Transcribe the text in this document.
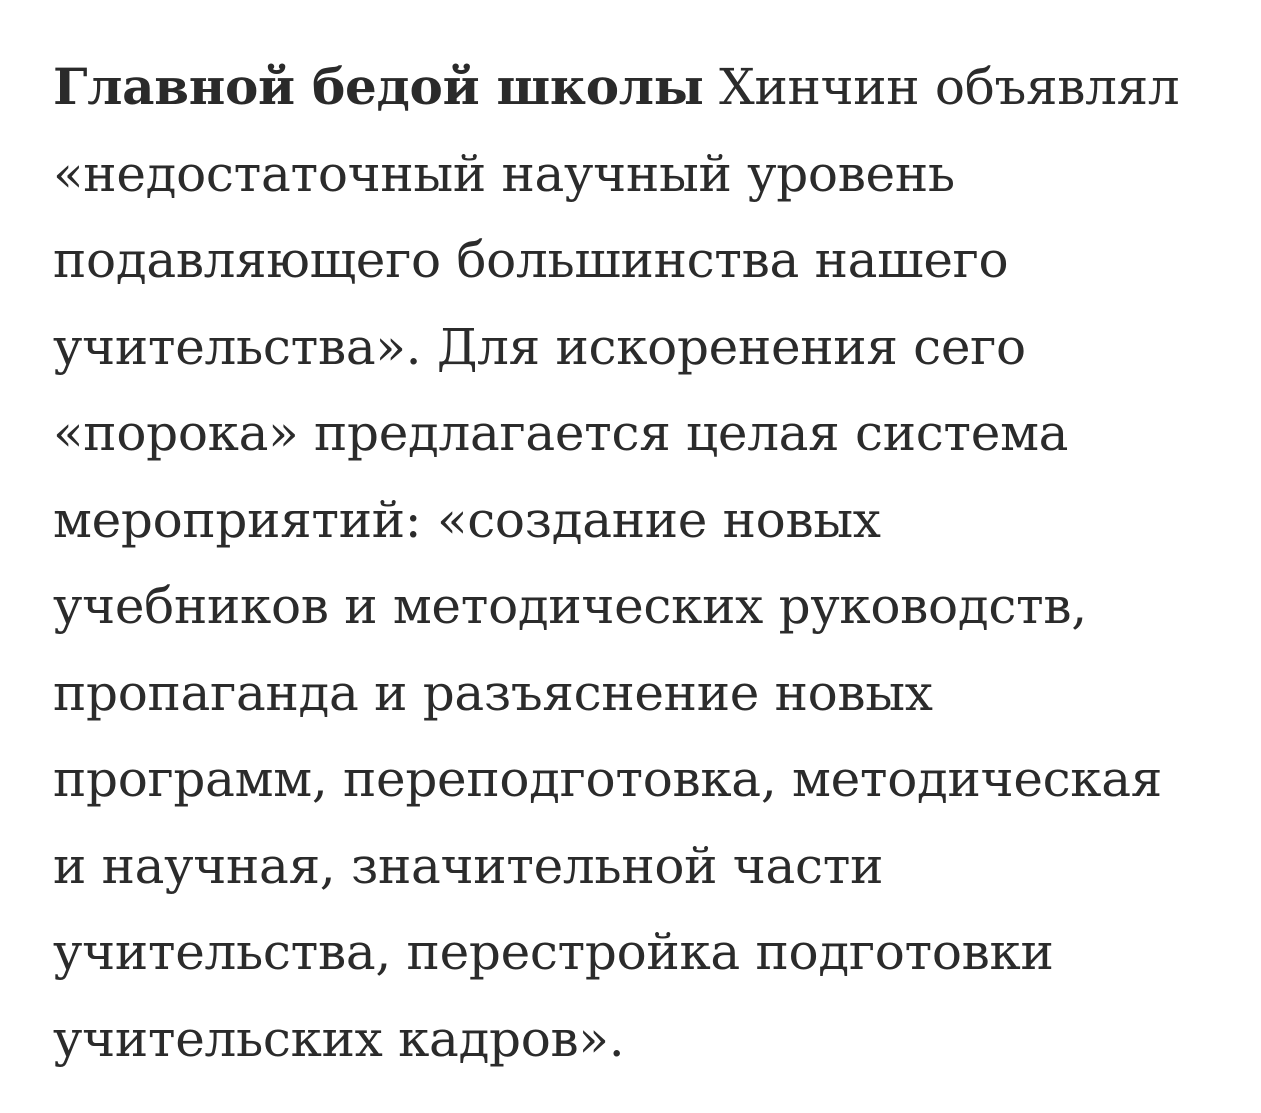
Главной бедой школы Хинчин объявлял
«недостаточный научный уровень
подавляющего большинства нашего
учительства». Для искоренения сего
«порока» предлагается целая система
мероприятий: «создание новых
учебников и методических руководств,
пропаганда и разъяснение новых
программ, переподготовка, методическая
и научная, значительной части
учительства, перестройка подготовки
учительских кадров».
